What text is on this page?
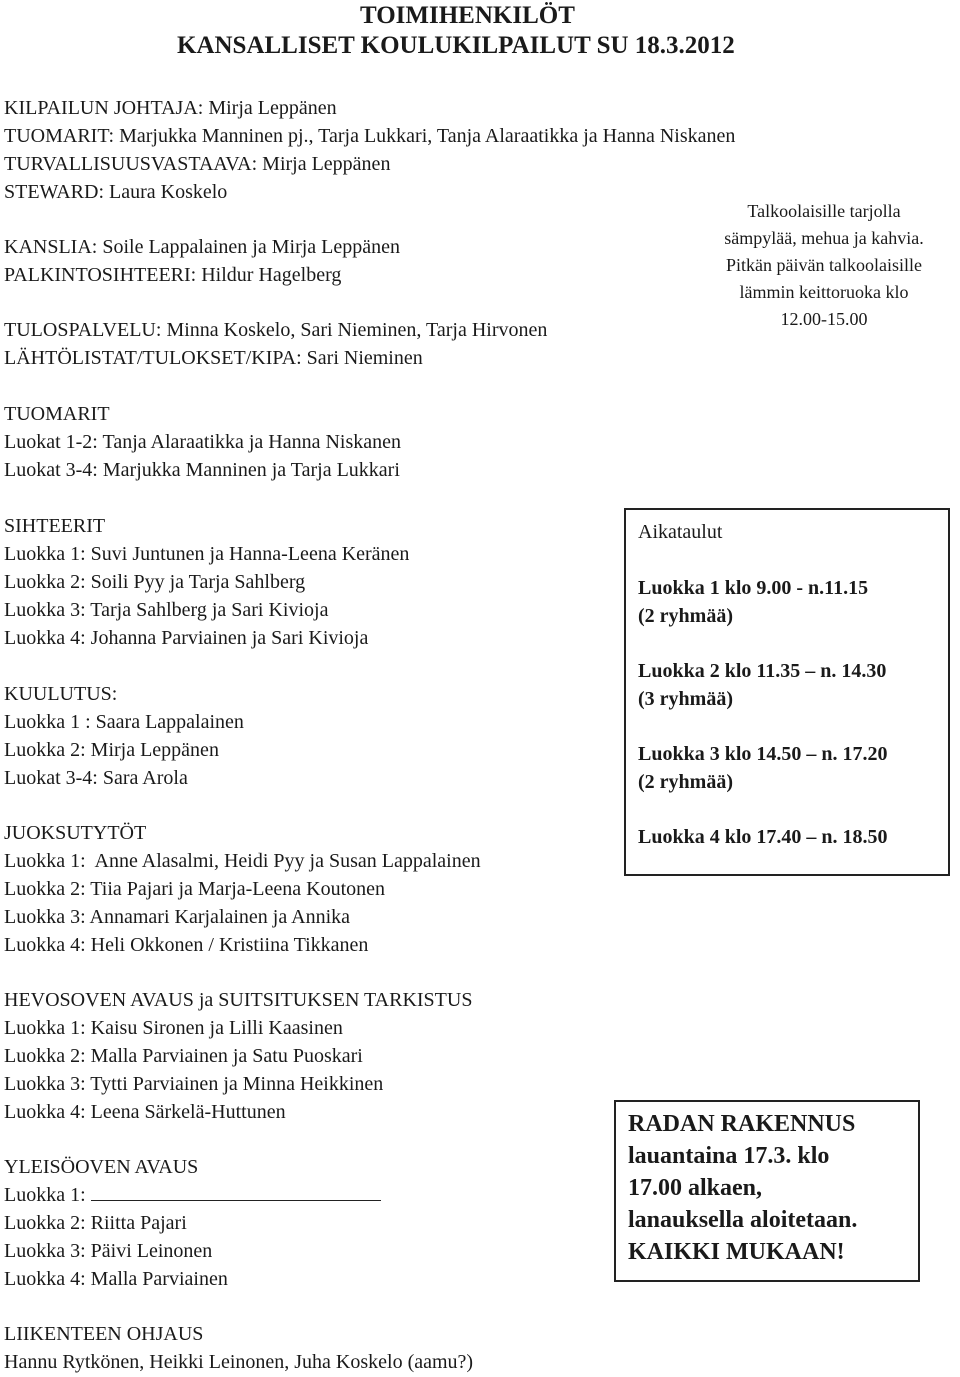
TOIMIHENKILÖT
KANSALLISET KOULUKILPAILUT SU 18.3.2012
KILPAILUN JOHTAJA: Mirja Leppänen
TUOMARIT: Marjukka Manninen pj., Tarja Lukkari, Tanja Alaraatikka ja Hanna Niskanen
TURVALLISUUSVASTAAVA: Mirja Leppänen
STEWARD: Laura Koskelo
KANSLIA: Soile Lappalainen ja Mirja Leppänen
PALKINTOSIHTEERI: Hildur Hagelberg
TULOSPALVELU: Minna Koskelo, Sari Nieminen, Tarja Hirvonen
LÄHTÖLISTAT/TULOKSET/KIPA: Sari Nieminen
Talkoolaisille tarjolla
sämpylää, mehua ja kahvia.
Pitkän päivän talkoolaisille
lämmin keittoruoka klo
12.00-15.00
TUOMARIT
Luokat 1-2: Tanja Alaraatikka ja Hanna Niskanen
Luokat 3-4: Marjukka Manninen ja Tarja Lukkari
SIHTEERIT
Luokka 1: Suvi Juntunen ja Hanna-Leena Keränen
Luokka 2: Soili Pyy ja Tarja Sahlberg
Luokka 3: Tarja Sahlberg ja Sari Kivioja
Luokka 4: Johanna Parviainen ja Sari Kivioja
KUULUTUS:
Luokka 1 : Saara Lappalainen
Luokka 2: Mirja Leppänen
Luokat 3-4: Sara Arola
JUOKSUTYTÖT
Luokka 1:  Anne Alasalmi, Heidi Pyy ja Susan Lappalainen
Luokka 2: Tiia Pajari ja Marja-Leena Koutonen
Luokka 3: Annamari Karjalainen ja Annika
Luokka 4: Heli Okkonen / Kristiina Tikkanen
HEVOSOVEN AVAUS ja SUITSITUKSEN TARKISTUS
Luokka 1: Kaisu Sironen ja Lilli Kaasinen
Luokka 2: Malla Parviainen ja Satu Puoskari
Luokka 3: Tytti Parviainen ja Minna Heikkinen
Luokka 4: Leena Särkelä-Huttunen
YLEISÖOVEN AVAUS
Luokka 1:
Luokka 2: Riitta Pajari
Luokka 3: Päivi Leinonen
Luokka 4: Malla Parviainen
LIIKENTEEN OHJAUS
Hannu Rytkönen, Heikki Leinonen, Juha Koskelo (aamu?)
Aikataulut
Luokka 1 klo 9.00 - n.11.15
(2 ryhmää)
Luokka 2 klo 11.35 – n. 14.30
(3 ryhmää)
Luokka 3 klo 14.50 – n. 17.20
(2 ryhmää)
Luokka 4 klo 17.40 – n. 18.50
RADAN RAKENNUS
lauantaina 17.3. klo
17.00 alkaen,
lanauksella aloitetaan.
KAIKKI MUKAAN!
